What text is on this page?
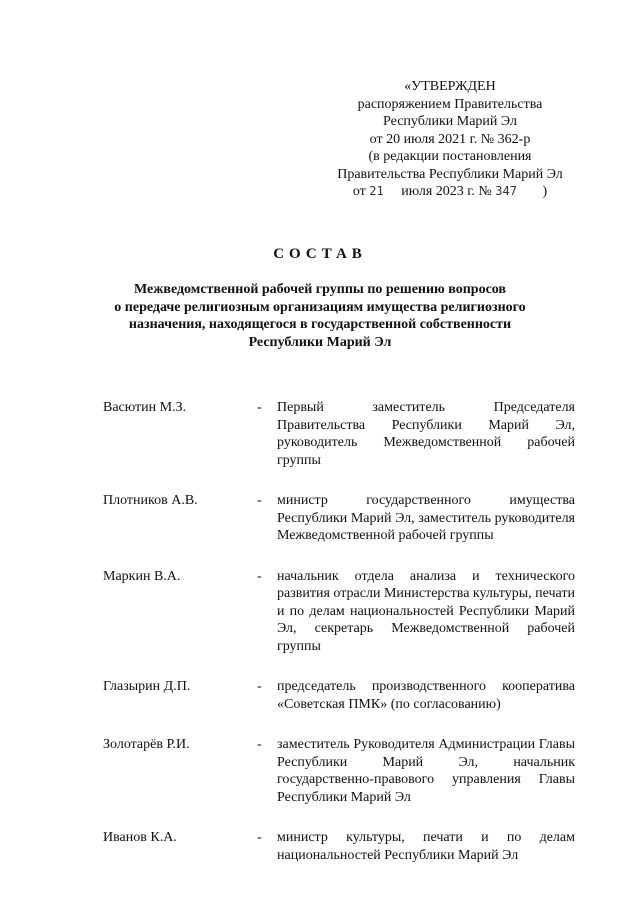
«УТВЕРЖДЕН
распоряжением Правительства
Республики Марий Эл
от 20 июля 2021 г. № 362-р
(в редакции постановления
Правительства Республики Марий Эл
от 21 июля 2023 г. № 347 )
СОСТАВ
Межведомственной рабочей группы по решению вопросов
о передаче религиозным организациям имущества религиозного
назначения, находящегося в государственной собственности
Республики Марий Эл
Васютин М.З.	- Первый заместитель Председателя Правительства Республики Марий Эл, руководитель Межведомственной рабочей группы
Плотников А.В.	- министр государственного имущества Республики Марий Эл, заместитель руководителя Межведомственной рабочей группы
Маркин В.А.	- начальник отдела анализа и технического развития отрасли Министерства культуры, печати и по делам национальностей Республики Марий Эл, секретарь Межведомственной рабочей группы
Глазырин Д.П.	- председатель производственного кооператива «Советская ПМК» (по согласованию)
Золотарёв Р.И.	- заместитель Руководителя Администрации Главы Республики Марий Эл, начальник государственно-правового управления Главы Республики Марий Эл
Иванов К.А.	- министр культуры, печати и по делам национальностей Республики Марий Эл
